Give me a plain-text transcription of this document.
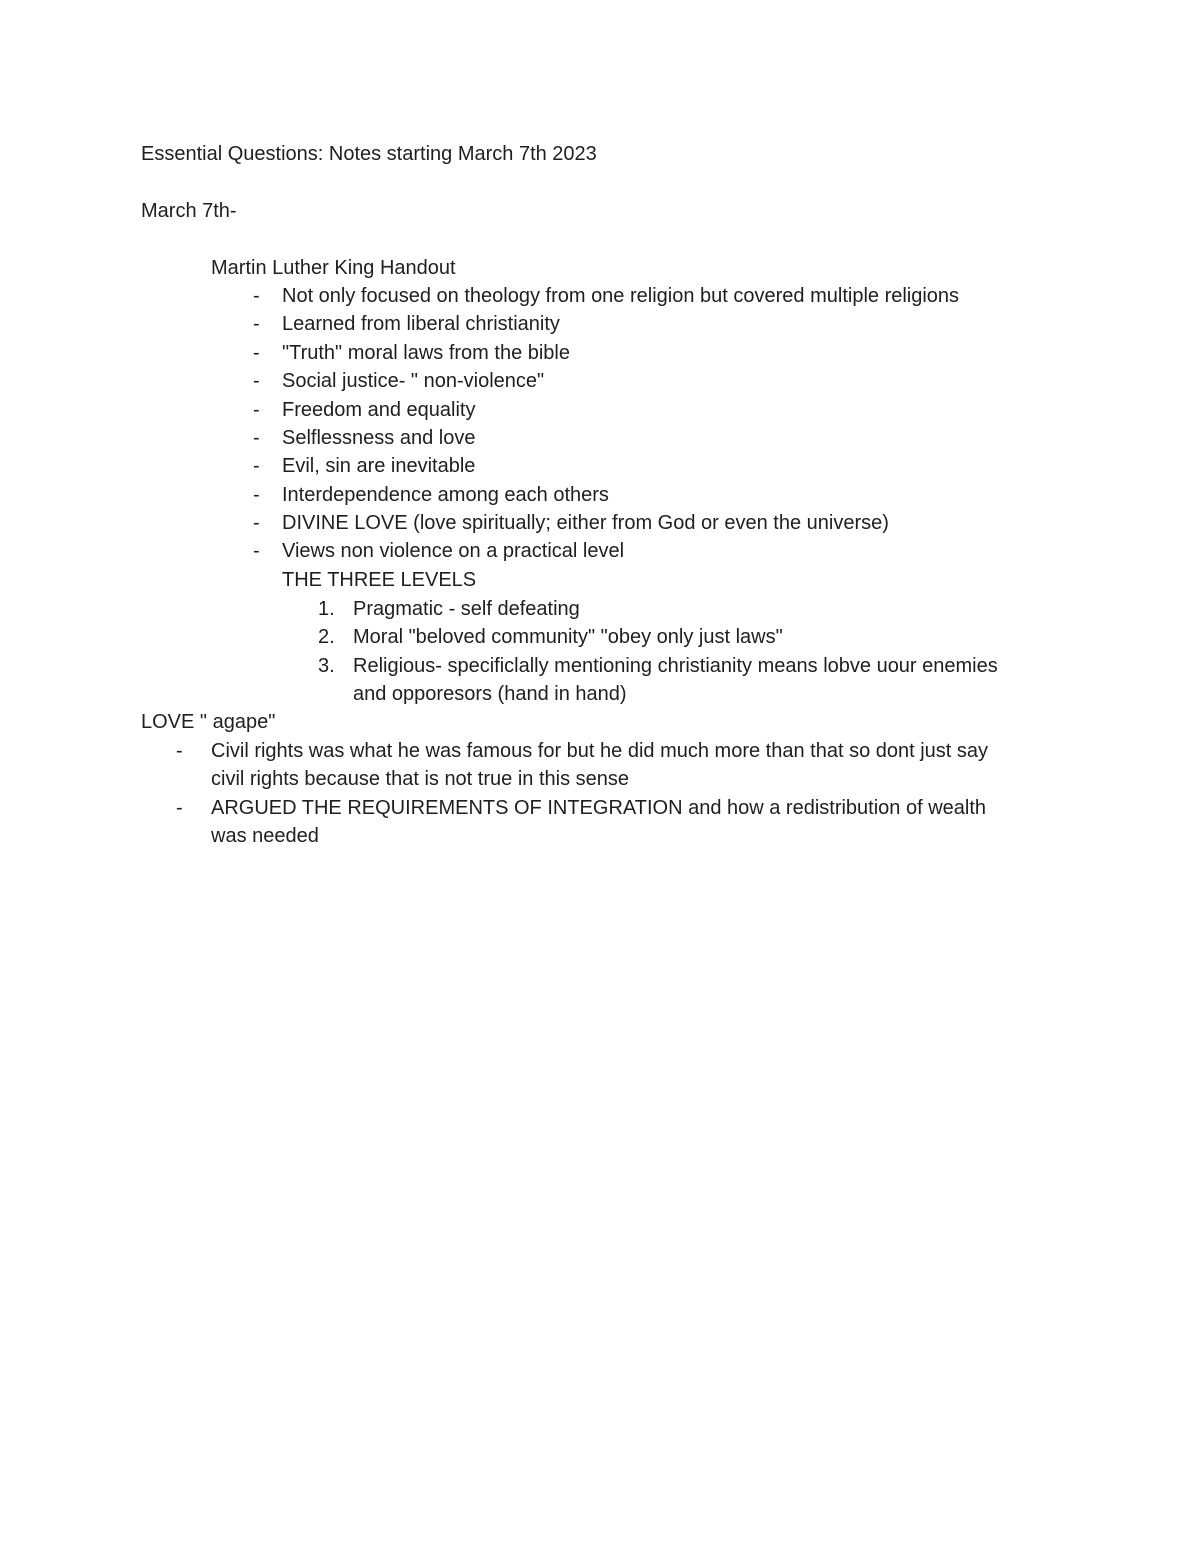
Essential Questions: Notes starting March 7th 2023
March 7th-
Martin Luther King Handout
- Not only focused on theology from one religion but covered multiple religions
- Learned from liberal christianity
- "Truth" moral laws from the bible
- Social justice- " non-violence"
- Freedom and equality
- Selflessness and love
- Evil, sin are inevitable
- Interdependence among each others
- DIVINE LOVE (love spiritually; either from God or even the universe)
- Views non violence on a practical level
THE THREE LEVELS
1. Pragmatic - self defeating
2. Moral "beloved community" "obey only just laws"
3. Religious- specificlally mentioning christianity means lobve uour enemies
and opporesors (hand in hand)
LOVE " agape"
- Civil rights was what he was famous for but he did much more than that so dont just say
civil rights because that is not true in this sense
- ARGUED THE REQUIREMENTS OF INTEGRATION and how a redistribution of wealth
was needed
